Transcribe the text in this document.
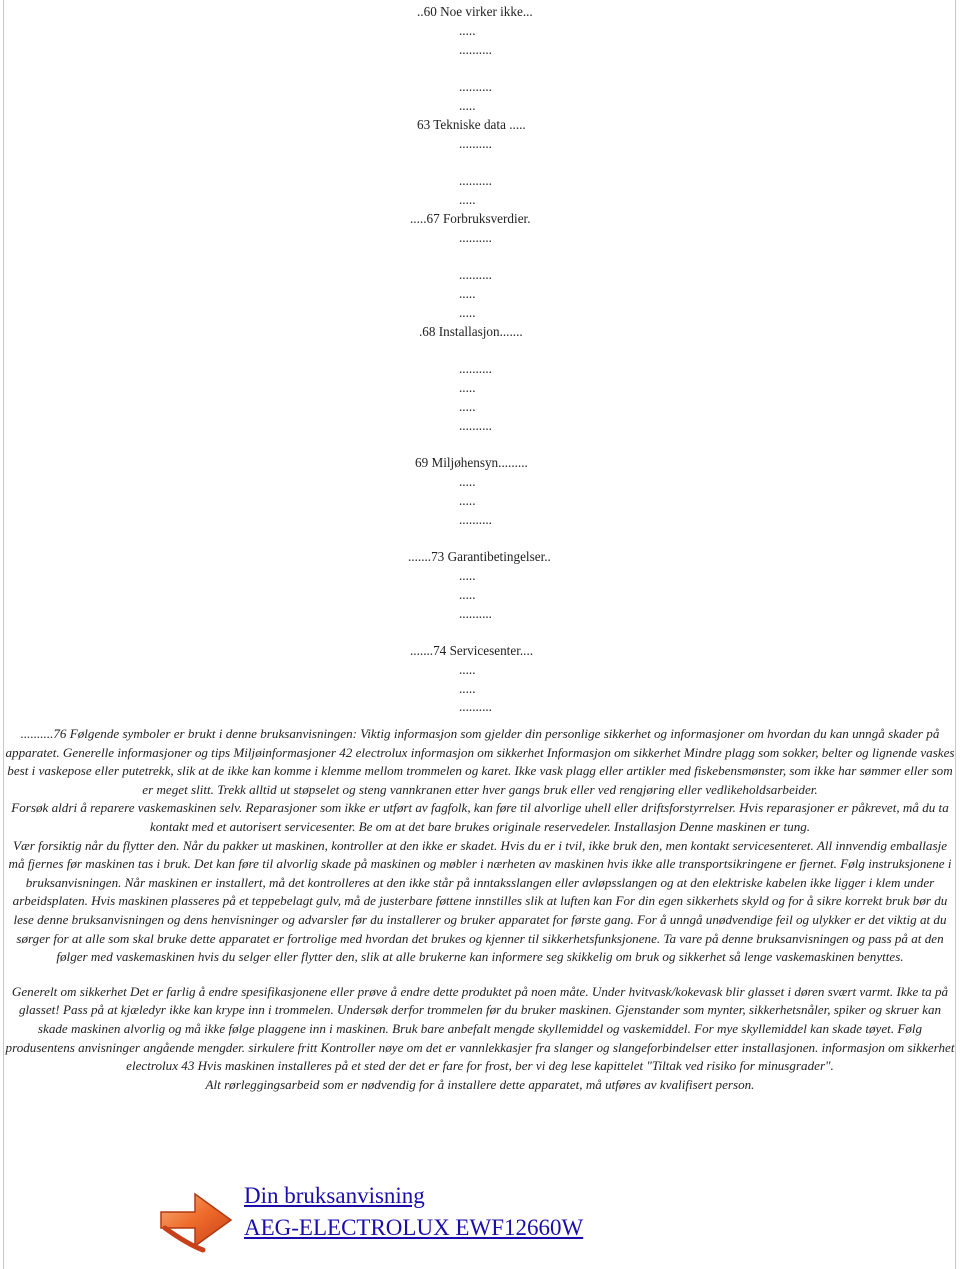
..60 Noe virker ikke...
.....
..........
..........
.....
63 Tekniske data .....
..........
..........
.....
.....67 Forbruksverdier.
..........
..........
.....
.....
.68 Installasjon.......
..........
.....
.....
..........
69 Miljøhensyn.........
.....
.....
..........
.......73 Garantibetingelser..
.....
.....
..........
.......74 Servicesenter....
.....
.....
..........

..........76 Følgende symboler er brukt i denne bruksanvisningen: Viktig informasjon som gjelder din personlige sikkerhet og informasjoner om hvordan du kan unngå skader på apparatet. Generelle informasjoner og tips Miljøinformasjoner 42 electrolux informasjon om sikkerhet Informasjon om sikkerhet Mindre plagg som sokker, belter og lignende vaskes best i vaskepose eller putetrekk, slik at de ikke kan komme i klemme mellom trommelen og karet. Ikke vask plagg eller artikler med fiskebensmønster, som ikke har sømmer eller som er meget slitt. Trekk alltid ut støpselet og steng vannkranen etter hver gangs bruk eller ved rengjøring eller vedlikeholdsarbeider.

Forsøk aldri å reparere vaskemaskinen selv. Reparasjoner som ikke er utført av fagfolk, kan føre til alvorlige uhell eller driftsforstyrrelser. Hvis reparasjoner er påkrevet, må du ta kontakt med et autorisert servicesenter. Be om at det bare brukes originale reservedeler. Installasjon Denne maskinen er tung.

Vær forsiktig når du flytter den. Når du pakker ut maskinen, kontroller at den ikke er skadet. Hvis du er i tvil, ikke bruk den, men kontakt servicesenteret. All innvendig emballasje må fjernes før maskinen tas i bruk. Det kan føre til alvorlig skade på maskinen og møbler i nærheten av maskinen hvis ikke alle transportsikringene er fjernet. Følg instruksjonene i bruksanvisningen. Når maskinen er installert, må det kontrolleres at den ikke står på inntaksslangen eller avløpsslangen og at den elektriske kabelen ikke ligger i klem under arbeidsplaten. Hvis maskinen plasseres på et teppebelagt gulv, må de justerbare føttene innstilles slik at luften kan For din egen sikkerhets skyld og for å sikre korrekt bruk bør du lese denne bruksanvisningen og dens henvisninger og advarsler før du installerer og bruker apparatet for første gang. For å unngå unødvendige feil og ulykker er det viktig at du sørger for at alle som skal bruke dette apparatet er fortrolige med hvordan det brukes og kjenner til sikkerhetsfunksjonene. Ta vare på denne bruksanvisningen og pass på at den følger med vaskemaskinen hvis du selger eller flytter den, slik at alle brukerne kan informere seg skikkelig om bruk og sikkerhet så lenge vaskemaskinen benyttes.

Generelt om sikkerhet Det er farlig å endre spesifikasjonene eller prøve å endre dette produktet på noen måte. Under hvitvask/kokevask blir glasset i døren svært varmt. Ikke ta på glasset! Pass på at kjæledyr ikke kan krype inn i trommelen. Undersøk derfor trommelen før du bruker maskinen. Gjenstander som mynter, sikkerhetsnåler, spiker og skruer kan skade maskinen alvorlig og må ikke følge plaggene inn i maskinen. Bruk bare anbefalt mengde skyllemiddel og vaskemiddel. For mye skyllemiddel kan skade tøyet. Følg produsentens anvisninger angående mengder. sirkulere fritt Kontroller nøye om det er vannlekkasjer fra slanger og slangeforbindelser etter installasjonen. informasjon om sikkerhet electrolux 43 Hvis maskinen installeres på et sted der det er fare for frost, ber vi deg lese kapittelet "Tiltak ved risiko for minusgrader".

Alt rørleggingsarbeid som er nødvendig for å installere dette apparatet, må utføres av kvalifisert person.

Din bruksanvisning
AEG-ELECTROLUX EWF12660W
